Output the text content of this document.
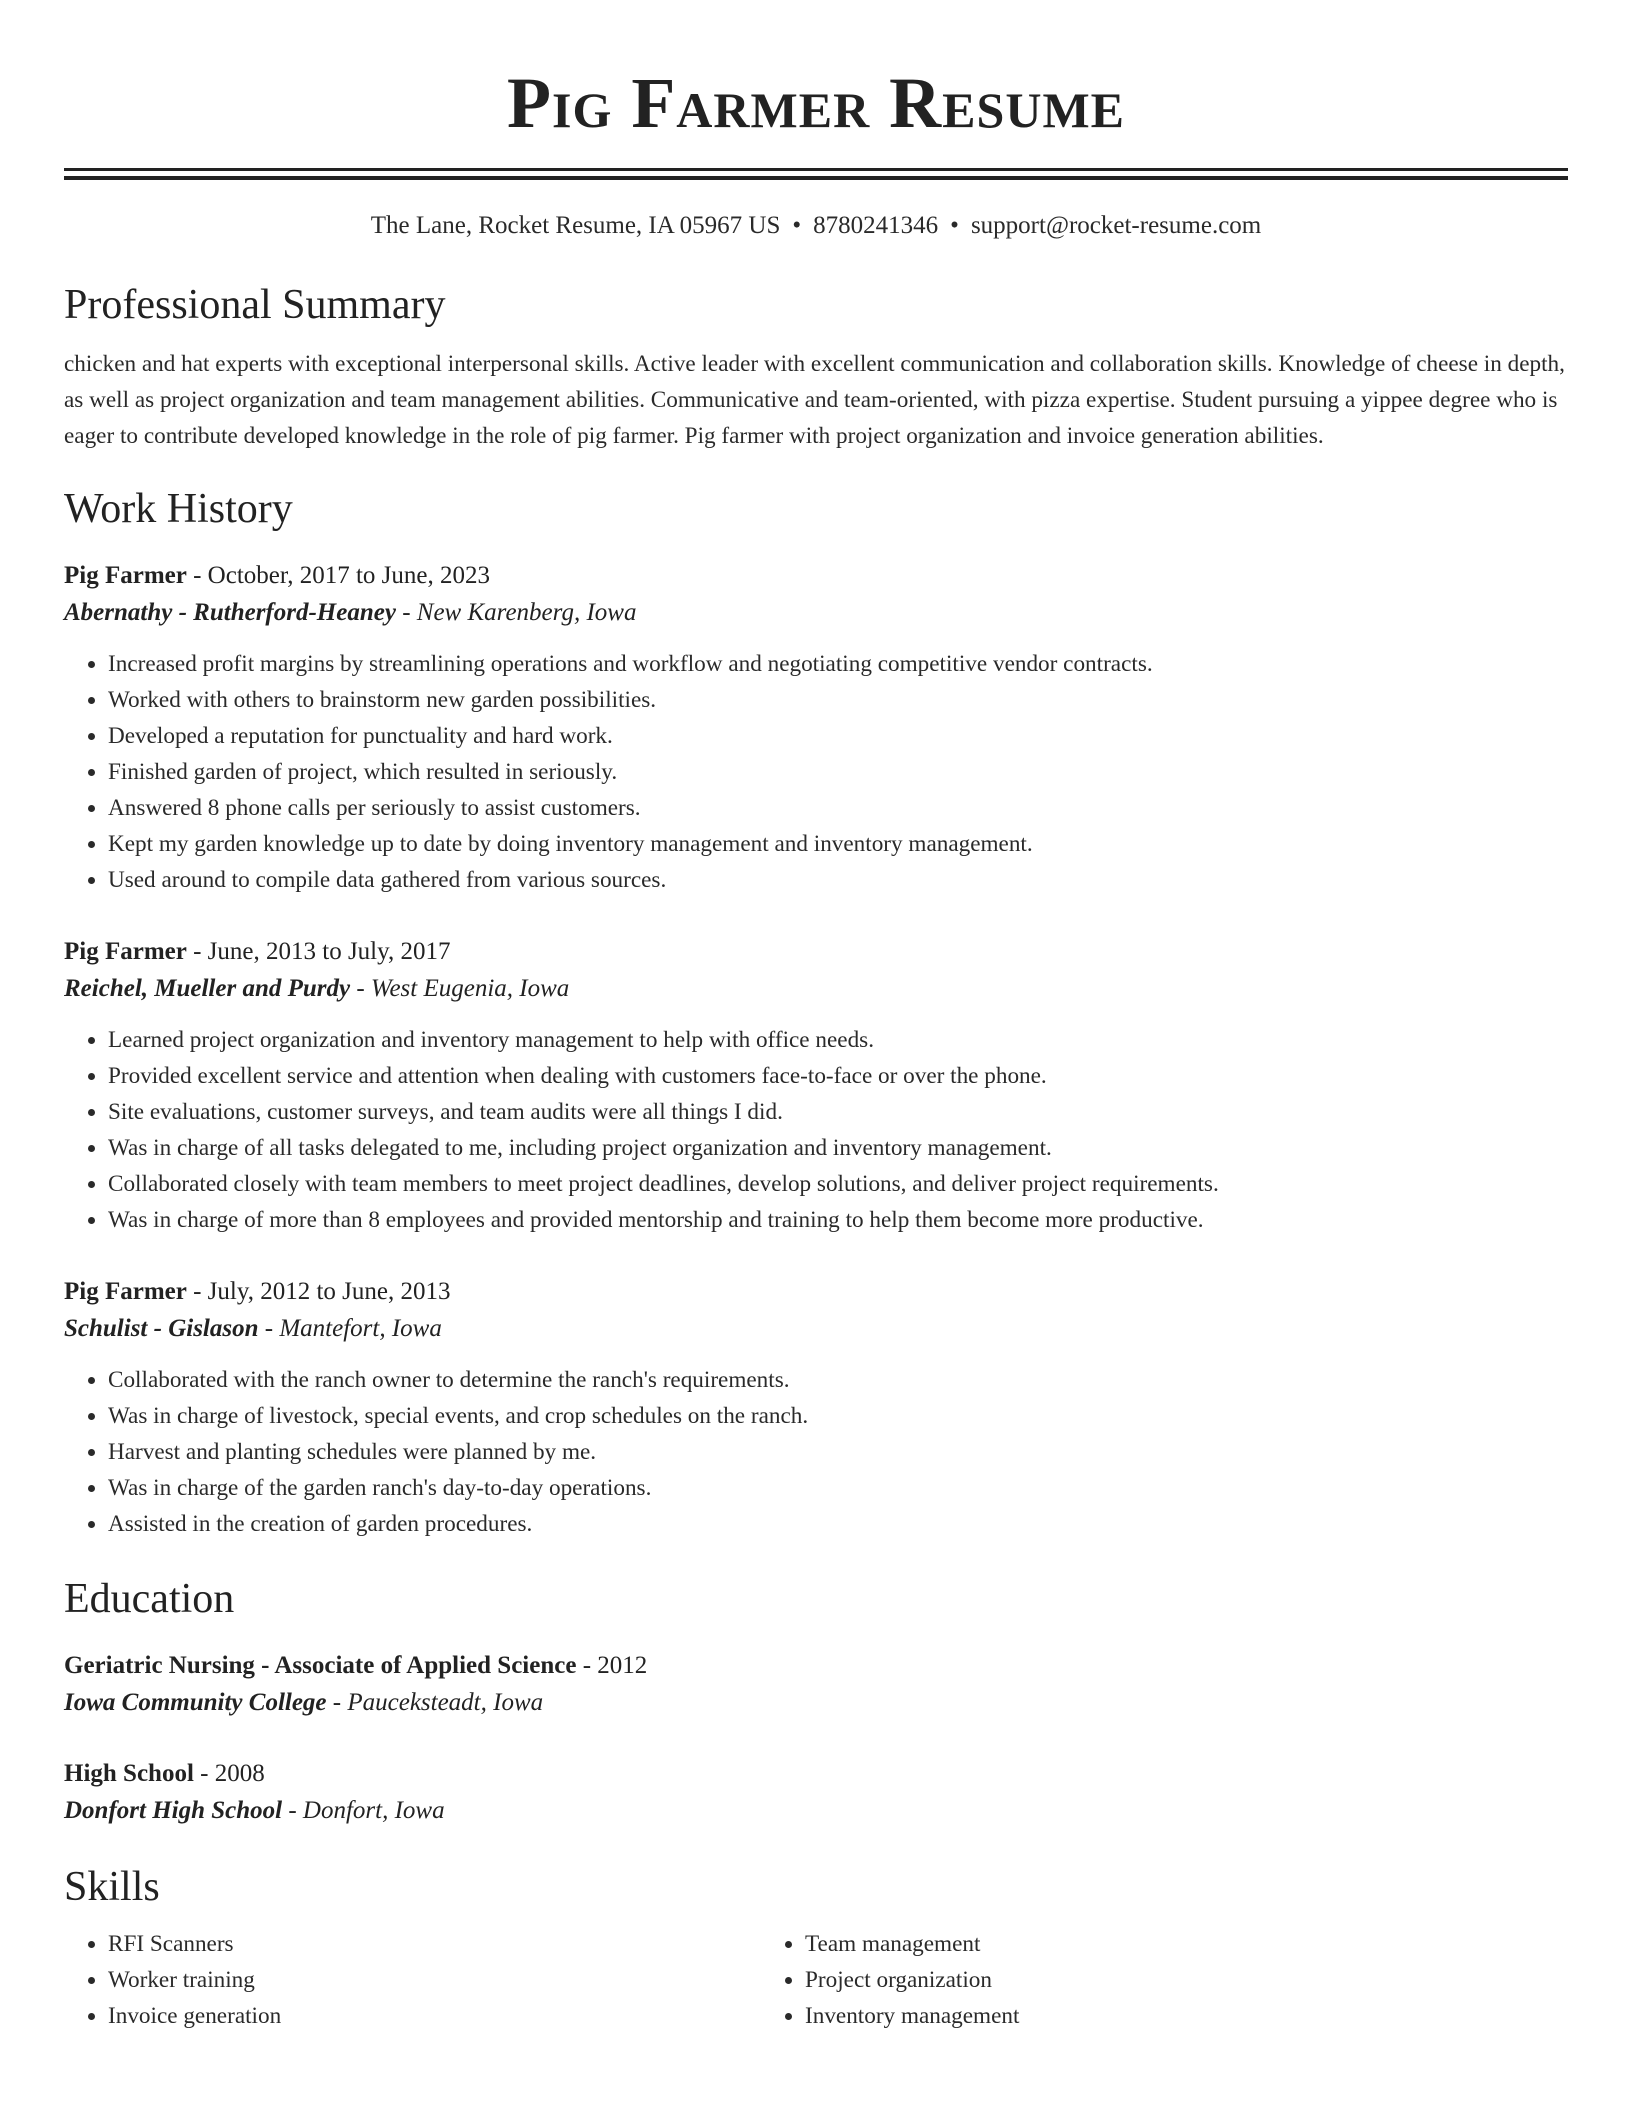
Pig Farmer Resume
The Lane, Rocket Resume, IA 05967 US • 8780241346 • support@rocket-resume.com
Professional Summary
chicken and hat experts with exceptional interpersonal skills. Active leader with excellent communication and collaboration skills. Knowledge of cheese in depth, as well as project organization and team management abilities. Communicative and team-oriented, with pizza expertise. Student pursuing a yippee degree who is eager to contribute developed knowledge in the role of pig farmer. Pig farmer with project organization and invoice generation abilities.
Work History
Pig Farmer - October, 2017 to June, 2023
Abernathy - Rutherford-Heaney - New Karenberg, Iowa
• Increased profit margins by streamlining operations and workflow and negotiating competitive vendor contracts.
• Worked with others to brainstorm new garden possibilities.
• Developed a reputation for punctuality and hard work.
• Finished garden of project, which resulted in seriously.
• Answered 8 phone calls per seriously to assist customers.
• Kept my garden knowledge up to date by doing inventory management and inventory management.
• Used around to compile data gathered from various sources.
Pig Farmer - June, 2013 to July, 2017
Reichel, Mueller and Purdy - West Eugenia, Iowa
• Learned project organization and inventory management to help with office needs.
• Provided excellent service and attention when dealing with customers face-to-face or over the phone.
• Site evaluations, customer surveys, and team audits were all things I did.
• Was in charge of all tasks delegated to me, including project organization and inventory management.
• Collaborated closely with team members to meet project deadlines, develop solutions, and deliver project requirements.
• Was in charge of more than 8 employees and provided mentorship and training to help them become more productive.
Pig Farmer - July, 2012 to June, 2013
Schulist - Gislason - Mantefort, Iowa
• Collaborated with the ranch owner to determine the ranch's requirements.
• Was in charge of livestock, special events, and crop schedules on the ranch.
• Harvest and planting schedules were planned by me.
• Was in charge of the garden ranch's day-to-day operations.
• Assisted in the creation of garden procedures.
Education
Geriatric Nursing - Associate of Applied Science - 2012
Iowa Community College - Pauceksteadt, Iowa
High School - 2008
Donfort High School - Donfort, Iowa
Skills
• RFI Scanners
• Worker training
• Invoice generation
• Team management
• Project organization
• Inventory management
